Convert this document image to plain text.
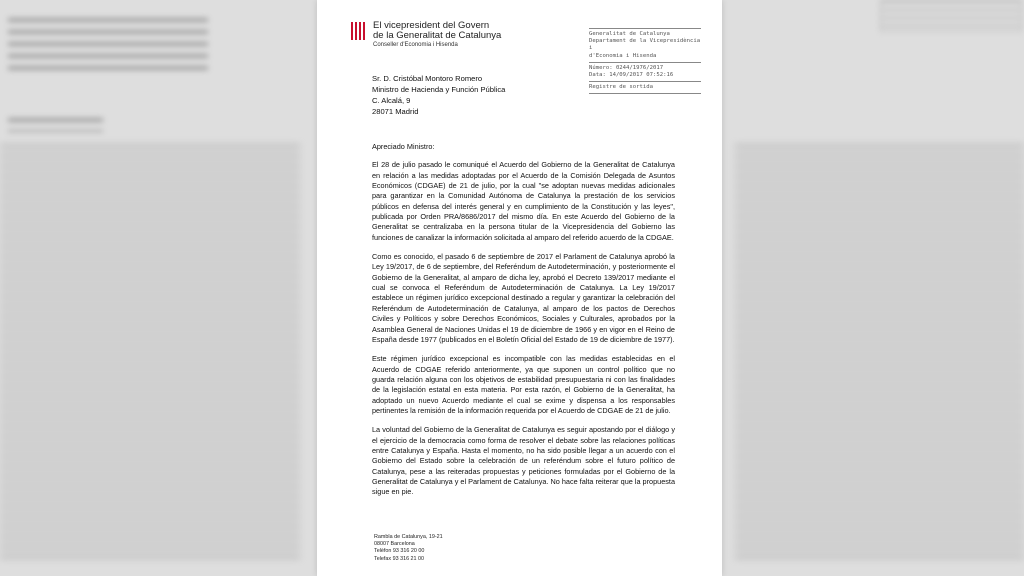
El vicepresident del Govern
de la Generalitat de Catalunya
Conseller d'Economia i Hisenda
Generalitat de Catalunya
Departament de la Vicepresidència i
d'Economia i Hisenda
Número: 0244/1976/2017
Data: 14/09/2017 07:52:16
Registre de sortida
Sr. D. Cristóbal Montoro Romero
Ministro de Hacienda y Función Pública
C. Alcalá, 9
28071 Madrid

Apreciado Ministro:

El 28 de julio pasado le comuniqué el Acuerdo del Gobierno de la Generalitat de Catalunya en relación a las medidas adoptadas por el Acuerdo de la Comisión Delegada de Asuntos Económicos (CDGAE) de 21 de julio, por la cual "se adoptan nuevas medidas adicionales para garantizar en la Comunidad Autónoma de Catalunya la prestación de los servicios públicos en defensa del interés general y en cumplimiento de la Constitución y las leyes", publicada por Orden PRA/8686/2017 del mismo día. En este Acuerdo del Gobierno de la Generalitat se centralizaba en la persona titular de la Vicepresidencia del Gobierno las funciones de canalizar la información solicitada al amparo del referido acuerdo de la CDGAE.

Como es conocido, el pasado 6 de septiembre de 2017 el Parlament de Catalunya aprobó la Ley 19/2017, de 6 de septiembre, del Referéndum de Autodeterminación, y posteriormente el Gobierno de la Generalitat, al amparo de dicha ley, aprobó el Decreto 139/2017 mediante el cual se convoca el Referéndum de Autodeterminación de Catalunya. La Ley 19/2017 establece un régimen jurídico excepcional destinado a regular y garantizar la celebración del Referéndum de Autodeterminación de Catalunya, al amparo de los pactos de Derechos Civiles y Políticos y sobre Derechos Económicos, Sociales y Culturales, aprobados por la Asamblea General de Naciones Unidas el 19 de diciembre de 1966 y en vigor en el Reino de España desde 1977 (publicados en el Boletín Oficial del Estado de 19 de diciembre de 1977).

Este régimen jurídico excepcional es incompatible con las medidas establecidas en el Acuerdo de CDGAE referido anteriormente, ya que suponen un control político que no guarda relación alguna con los objetivos de estabilidad presupuestaria ni con las finalidades de la legislación estatal en esta materia. Por esta razón, el Gobierno de la Generalitat, ha adoptado un nuevo Acuerdo mediante el cual se exime y dispensa a los responsables pertinentes la remisión de la información requerida por el Acuerdo de CDGAE de 21 de julio.

La voluntad del Gobierno de la Generalitat de Catalunya es seguir apostando por el diálogo y el ejercicio de la democracia como forma de resolver el debate sobre las relaciones políticas entre Catalunya y España. Hasta el momento, no ha sido posible llegar a un acuerdo con el Gobierno del Estado sobre la celebración de un referéndum sobre el futuro político de Catalunya, pese a las reiteradas propuestas y peticiones formuladas por el Gobierno de la Generalitat de Catalunya y el Parlament de Catalunya. No hace falta reiterar que la propuesta sigue en pie.

Rambla de Catalunya, 19-21
08007 Barcelona
Telèfon 93 316 20 00
Telefax 93 316 21 00
